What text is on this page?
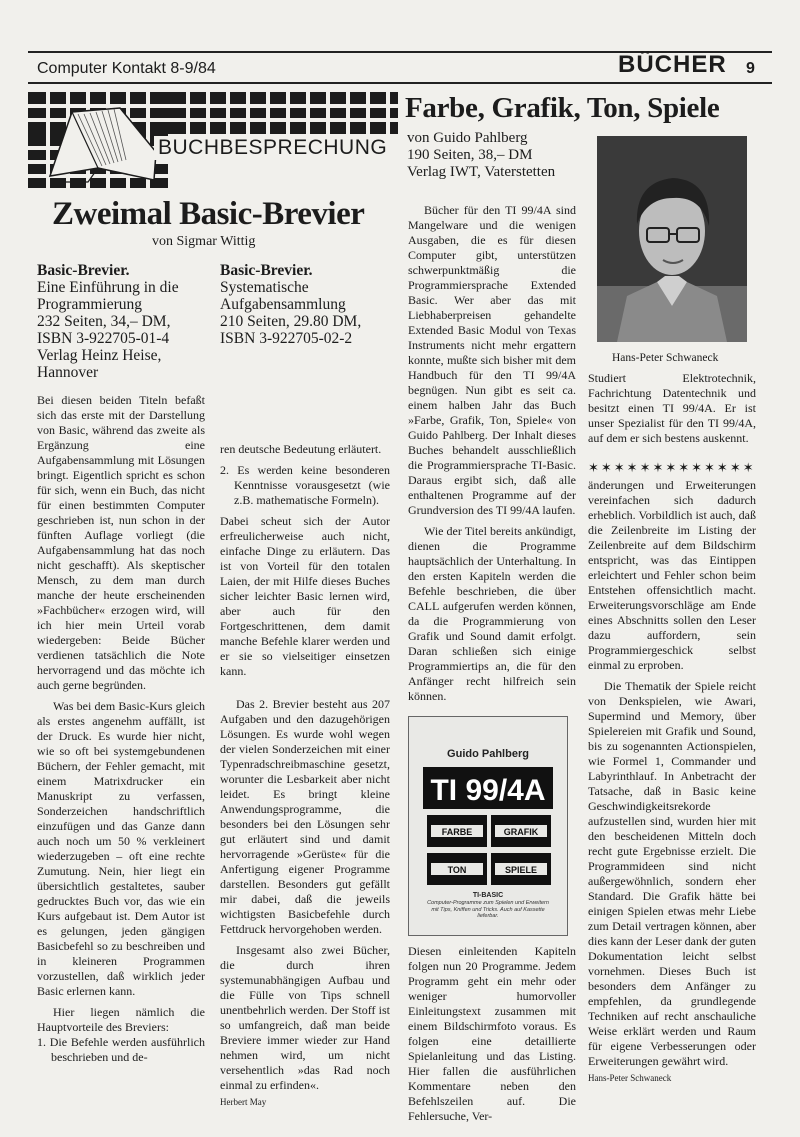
Computer Kontakt 8-9/84	BÜCHER 9
BUCHBESPRECHUNG
Zweimal Basic-Brevier
von Sigmar Wittig
Basic-Brevier.
Eine Einführung in die
Programmierung
232 Seiten, 34,– DM,
ISBN 3-922705-01-4
Verlag Heinz Heise,
Hannover
Basic-Brevier.
Systematische
Aufgabensammlung
210 Seiten, 29.80 DM,
ISBN 3-922705-02-2

Bei diesen beiden Titeln befaßt sich das erste mit der Darstellung von Basic, während das zweite als Ergänzung eine Aufgabensammlung mit Lösungen bringt. Eigentlich spricht es schon für sich, wenn ein Buch, das nicht für einen bestimmten Computer geschrieben ist, nun schon in der fünften Auflage vorliegt (die Aufgabensammlung hat das noch nicht geschafft). Als skeptischer Mensch, zu dem man durch manche der heute erscheinenden »Fachbücher« erzogen wird, will ich hier mein Urteil vorab wiedergeben: Beide Bücher verdienen tatsächlich die Note hervorragend und das möchte ich auch gerne begründen.

Was bei dem Basic-Kurs gleich als erstes angenehm auffällt, ist der Druck. Es wurde hier nicht, wie so oft bei systemgebundenen Büchern, der Fehler gemacht, mit einem Matrixdrucker ein Manuskript zu verfassen, Sonderzeichen handschriftlich einzufügen und das Ganze dann auch noch um 50 % verkleinert wiederzugeben – oft eine rechte Zumutung. Nein, hier liegt ein übersichtlich gestaltetes, sauber gedrucktes Buch vor, das wie ein Kurs aufgebaut ist. Dem Autor ist es gelungen, jeden gängigen Basicbefehl so zu beschreiben und in kleineren Programmen vorzustellen, daß wirklich jeder Basic erlernen kann.

Hier liegen nämlich die Hauptvorteile des Breviers:

1. Die Befehle werden ausführlich beschrieben und de-

ren deutsche Bedeutung erläutert.

2. Es werden keine besonderen Kenntnisse vorausgesetzt (wie z.B. mathematische Formeln).

Dabei scheut sich der Autor erfreulicherweise auch nicht, einfache Dinge zu erläutern. Das ist von Vorteil für den totalen Laien, der mit Hilfe dieses Buches sicher leichter Basic lernen wird, aber auch für den Fortgeschrittenen, dem damit manche Befehle klarer werden und er sie so vielseitiger einsetzen kann.

Das 2. Brevier besteht aus 207 Aufgaben und den dazugehörigen Lösungen. Es wurde wohl wegen der vielen Sonderzeichen mit einer Typenradschreibmaschine gesetzt, worunter die Lesbarkeit aber nicht leidet. Es bringt kleine Anwendungsprogramme, die besonders bei den Lösungen sehr gut erläutert sind und damit hervorragende »Gerüste« für die Anfertigung eigener Programme darstellen. Besonders gut gefällt mir dabei, daß die jeweils wichtigsten Basicbefehle durch Fettdruck hervorgehoben werden.

Insgesamt also zwei Bücher, die durch ihren systemunabhängigen Aufbau und die Fülle von Tips schnell unentbehrlich werden. Der Stoff ist so umfangreich, daß man beide Breviere immer wieder zur Hand nehmen wird, um nicht versehentlich »das Rad noch einmal zu erfinden«.

Herbert May
Farbe, Grafik, Ton, Spiele
von Guido Pahlberg
190 Seiten, 38,– DM
Verlag IWT, Vaterstetten

Bücher für den TI 99/4A sind Mangelware und die wenigen Ausgaben, die es für diesen Computer gibt, unterstützen schwerpunktmäßig die Programmiersprache Extended Basic. Wer aber das mit Liebhaberpreisen gehandelte Extended Basic Modul von Texas Instruments nicht mehr ergattern konnte, mußte sich bisher mit dem Handbuch für den TI 99/4A begnügen. Nun gibt es seit ca. einem halben Jahr das Buch »Farbe, Grafik, Ton, Spiele« von Guido Pahlberg. Der Inhalt dieses Buches behandelt ausschließlich die Programmiersprache TI-Basic. Daraus ergibt sich, daß alle enthaltenen Programme auf der Grundversion des TI 99/4A laufen.

Wie der Titel bereits ankündigt, dienen die Programme hauptsächlich der Unterhaltung. In den ersten Kapiteln werden die Befehle beschrieben, die über CALL aufgerufen werden können, da die Programmierung von Grafik und Sound damit erfolgt. Daran schließen sich einige Programmiertips an, die für den Anfänger recht hilfreich sein können.

Guido Pahlberg
TI 99/4A
FARBE	GRAFIK
TON	SPIELE
TI-BASIC
Computer-Programme zum Spielen und Erweitern mit Tips, Kniffen und Tricks. Auch auf Kassette lieferbar.

Diesen einleitenden Kapiteln folgen nun 20 Programme. Jedem Programm geht ein mehr oder weniger humorvoller Einleitungstext zusammen mit einem Bildschirmfoto voraus. Es folgen eine detaillierte Spielanleitung und das Listing. Hier fallen die ausführlichen Kommentare neben den Befehlszeilen auf. Die Fehlersuche, Ver-

Hans-Peter Schwaneck

Studiert Elektrotechnik, Fachrichtung Datentechnik und besitzt einen TI 99/4A. Er ist unser Spezialist für den TI 99/4A, auf dem er sich bestens auskennt.

✶✶✶✶✶✶✶✶✶✶✶✶✶

änderungen und Erweiterungen vereinfachen sich dadurch erheblich. Vorbildlich ist auch, daß die Zeilenbreite im Listing der Zeilenbreite auf dem Bildschirm entspricht, was das Eintippen erleichtert und Fehler schon beim Entstehen offensichtlich macht. Erweiterungsvorschläge am Ende eines Abschnitts sollen den Leser dazu auffordern, sein Programmiergeschick selbst einmal zu erproben.

Die Thematik der Spiele reicht von Denkspielen, wie Awari, Supermind und Memory, über Spielereien mit Grafik und Sound, bis zu sogenannten Actionspielen, wie Formel 1, Commander und Labyrinthlauf. In Anbetracht der Tatsache, daß in Basic keine Geschwindigkeitsrekorde aufzustellen sind, wurden hier mit den bescheidenen Mitteln doch recht gute Ergebnisse erzielt. Die Programmideen sind nicht außergewöhnlich, sondern eher Standard. Die Grafik hätte bei einigen Spielen etwas mehr Liebe zum Detail vertragen können, aber dies kann der Leser dank der guten Dokumentation leicht selbst vornehmen. Dieses Buch ist besonders dem Anfänger zu empfehlen, da grundlegende Techniken auf recht anschauliche Weise erklärt werden und Raum für eigene Verbesserungen oder Erweiterungen gewährt wird.

Hans-Peter Schwaneck
